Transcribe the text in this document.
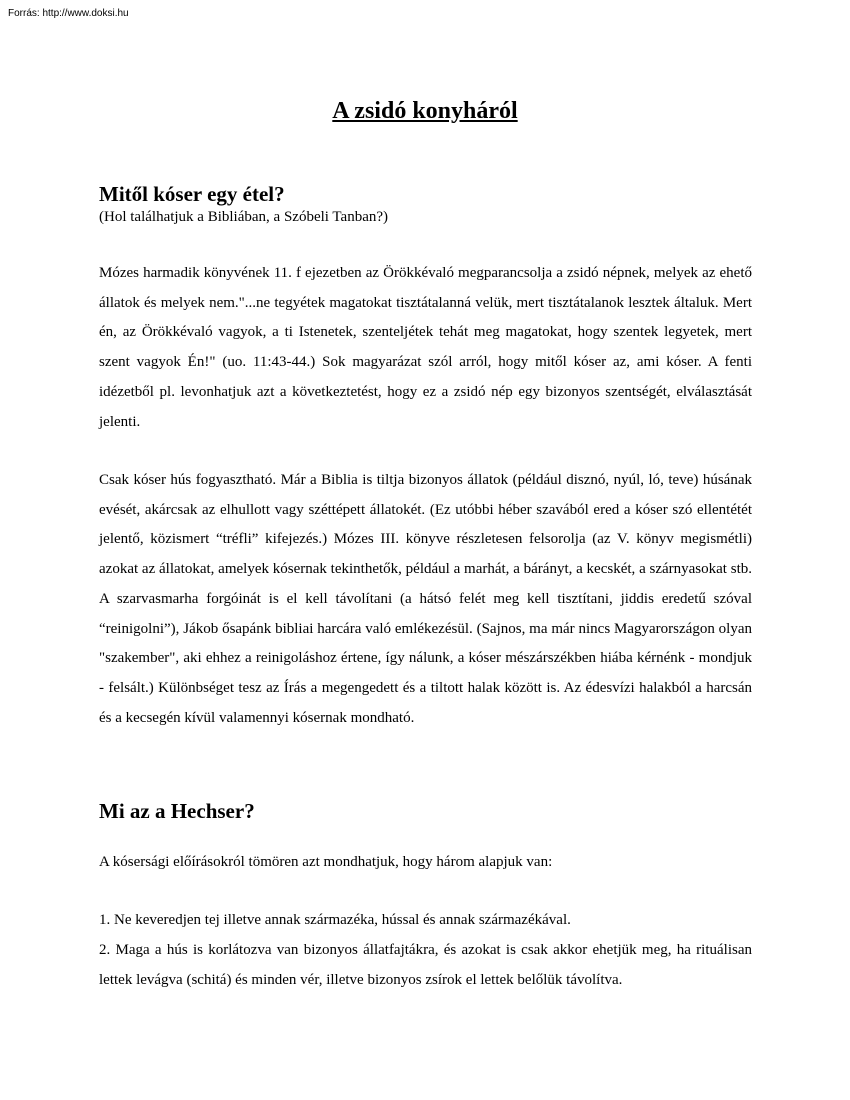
Forrás: http://www.doksi.hu
A zsidó konyháról
Mitől kóser egy étel?
(Hol találhatjuk a Bibliában, a Szóbeli Tanban?)

Mózes harmadik könyvének 11. f ejezetben az Örökkévaló megparancsolja a zsidó népnek, melyek az ehető állatok és melyek nem."...ne tegyétek magatokat tisztátalanná velük, mert tisztátalanok lesztek általuk. Mert én, az Örökkévaló vagyok, a ti Istenetek, szenteljétek tehát meg magatokat, hogy szentek legyetek, mert szent vagyok Én!" (uo. 11:43-44.) Sok magyarázat szól arról, hogy mitől kóser az, ami kóser. A fenti idézetből pl. levonhatjuk azt a következtetést, hogy ez a zsidó nép egy bizonyos szentségét, elválasztását jelenti.

Csak kóser hús fogyasztható. Már a Biblia is tiltja bizonyos állatok (például disznó, nyúl, ló, teve) húsának evését, akárcsak az elhullott vagy széttépett állatokét. (Ez utóbbi héber szavából ered a kóser szó ellentétét jelentő, közismert “tréfli” kifejezés.) Mózes III. könyve részletesen felsorolja (az V. könyv megismétli) azokat az állatokat, amelyek kósernak tekinthetők, például a marhát, a bárányt, a kecskét, a szárnyasokat stb. A szarvasmarha forgóinát is el kell távolítani (a hátsó felét meg kell tisztítani, jiddis eredetű szóval “reinigolni”), Jákob ősapánk bibliai harcára való emlékezésül. (Sajnos, ma már nincs Magyarországon olyan "szakember", aki ehhez a reinigoláshoz értene, így nálunk, a kóser mészárszékben hiába kérnénk - mondjuk - felsált.) Különbséget tesz az Írás a megengedett és a tiltott halak között is. Az édesvízi halakból a harcsán és a kecsegén kívül valamennyi kósernak mondható.

Mi az a Hechser?

A kósersági előírásokról tömören azt mondhatjuk, hogy három alapjuk van:

1. Ne keveredjen tej illetve annak származéka, hússal és annak származékával.

2. Maga a hús is korlátozva van bizonyos állatfajtákra, és azokat is csak akkor ehetjük meg, ha rituálisan lettek levágva (schitá) és minden vér, illetve bizonyos zsírok el lettek belőlük távolítva.
